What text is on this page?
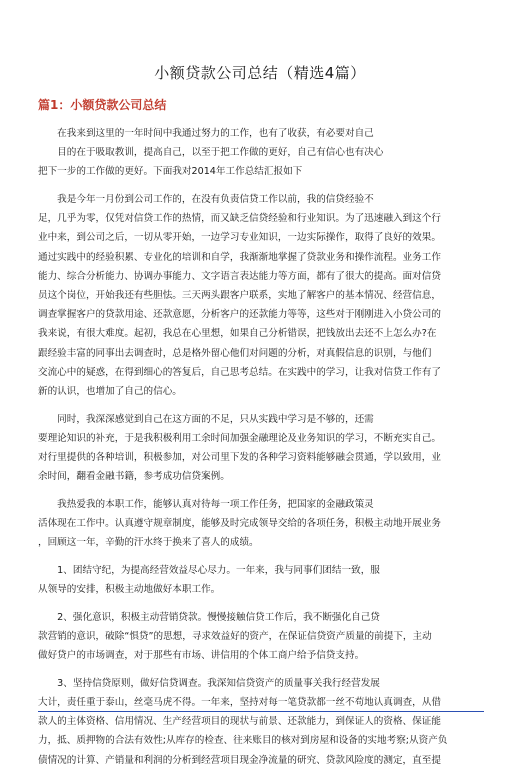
小额贷款公司总结（精选4篇）
篇1：小额贷款公司总结
　　在我来到这里的一年时间中我通过努力的工作，也有了收获，有必要对自己
　　目的在于吸取教训，提高自己，以至于把工作做的更好，自己有信心也有决心
把下一步的工作做的更好。下面我对2014年工作总结汇报如下
　　我是今年一月份到公司工作的，在没有负责信贷工作以前，我的信贷经验不
足，几乎为零，仅凭对信贷工作的热情，而又缺乏信贷经验和行业知识。为了迅速融入到这个行
业中来，到公司之后，一切从零开始，一边学习专业知识，一边实际操作，取得了良好的效果。
通过实践中的经验积累、专业化的培训和自学，我渐渐地掌握了贷款业务和操作流程。业务工作
能力、综合分析能力、协调办事能力、文字语言表达能力等方面，都有了很大的提高。面对信贷
员这个岗位，开始我还有些胆怯。三天两头跟客户联系，实地了解客户的基本情况、经营信息，
调查掌握客户的贷款用途、还款意愿，分析客户的还款能力等等，这些对于刚刚进入小贷公司的
我来说，有很大难度。起初，我总在心里想，如果自己分析错误，把钱放出去还不上怎么办?在
跟经验丰富的同事出去调查时，总是格外留心他们对问题的分析，对真假信息的识别，与他们
交流心中的疑惑，在得到细心的答复后，自己思考总结。在实践中的学习，让我对信贷工作有了
新的认识，也增加了自己的信心。
　　同时，我深深感觉到自己在这方面的不足，只从实践中学习是不够的，还需
要理论知识的补充，于是我积极利用工余时间加强金融理论及业务知识的学习，不断充实自己。
对行里提供的各种培训，积极参加，对公司里下发的各种学习资料能够融会贯通，学以致用，业
余时间，翻看金融书籍，参考成功信贷案例。
　　我热爱我的本职工作，能够认真对待每一项工作任务，把国家的金融政策灵
活体现在工作中。认真遵守规章制度，能够及时完成领导交给的各项任务，积极主动地开展业务
，回顾这一年，辛勤的汗水终于换来了喜人的成绩。
　　1、团结守纪，为提高经营效益尽心尽力。一年来，我与同事们团结一致，服
从领导的安排，积极主动地做好本职工作。
　　2、强化意识，积极主动营销贷款。慢慢接触信贷工作后，我不断强化自己贷
款营销的意识，破除“惧贷”的思想，寻求效益好的资产，在保证信贷资产质量的前提下，主动
做好贷户的市场调查，对于那些有市场、讲信用的个体工商户给予信贷支持。
　　3、坚持信贷原则，做好信贷调查。我深知信贷资产的质量事关我行经营发展
大计，责任重于泰山，丝毫马虎不得。一年来，坚持对每一笔贷款都一丝不苟地认真调查，从借
款人的主体资格、信用情况、生产经营项目的现状与前景、还款能力，到保证人的资格、保证能
力，抵、质押物的合法有效性;从库存的检查、往来账目的核对到房屋和设备的实地考察;从资产负
债情况的计算、产销量和利润的分析到经营项目现金净流量的研究、贷款风险度的测定，直至提
